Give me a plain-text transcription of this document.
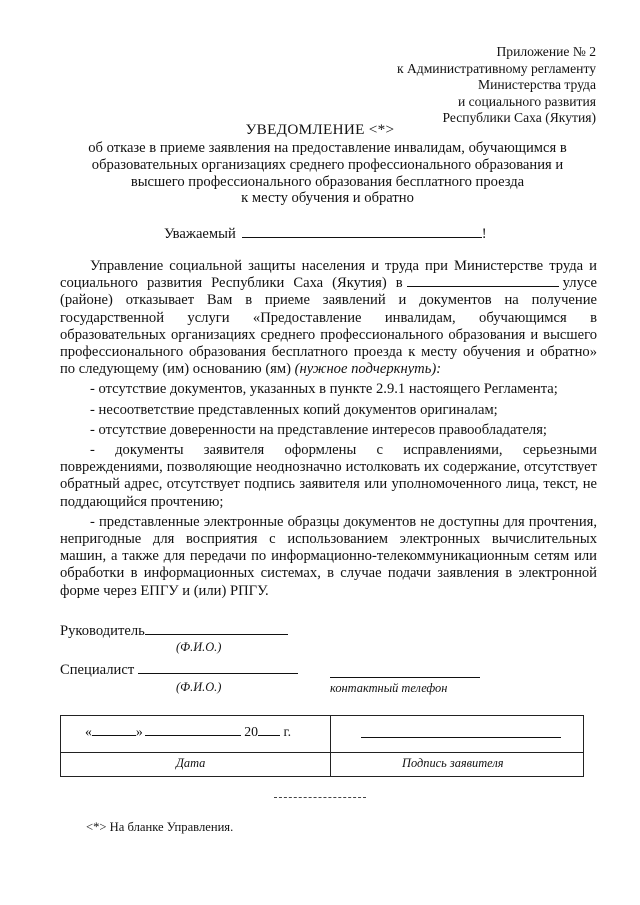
Приложение № 2
к Административному регламенту
Министерства труда
и социального развития
Республики Саха (Якутия)
УВЕДОМЛЕНИЕ <*>
об отказе в приеме заявления на предоставление инвалидам, обучающимся в
образовательных организациях среднего профессионального образования и
высшего профессионального образования бесплатного проезда
к месту обучения и обратно
Уважаемый	!

Управление социальной защиты населения и труда при Министерстве труда и социального развития Республики Саха (Якутия) в	улусе (районе) отказывает Вам в приеме заявлений и документов на получение государственной услуги «Предоставление инвалидам, обучающимся в образовательных организациях среднего профессионального образования и высшего профессионального образования бесплатного проезда к месту обучения и обратно» по следующему (им) основанию (ям) (нужное подчеркнуть):

- отсутствие документов, указанных в пункте 2.9.1 настоящего Регламента;

- несоответствие представленных копий документов оригиналам;

- отсутствие доверенности на представление интересов правообладателя;

- документы заявителя оформлены с исправлениями, серьезными повреждениями, позволяющие неоднозначно истолковать их содержание, отсутствует обратный адрес, отсутствует подпись заявителя или уполномоченного лица, текст, не поддающийся прочтению;

- представленные электронные образцы документов не доступны для прочтения, непригодные для восприятия с использованием электронных вычислительных машин, а также для передачи по информационно-телекоммуникационным сетям или обработки в информационных системах, в случае подачи заявления в электронной форме через ЕПГУ и (или) РПГУ.

Руководитель
(Ф.И.О.)
Специалист
(Ф.И.О.)	контактный телефон
«	»	20 г.
Дата	Подпись заявителя
<*> На бланке Управления.
